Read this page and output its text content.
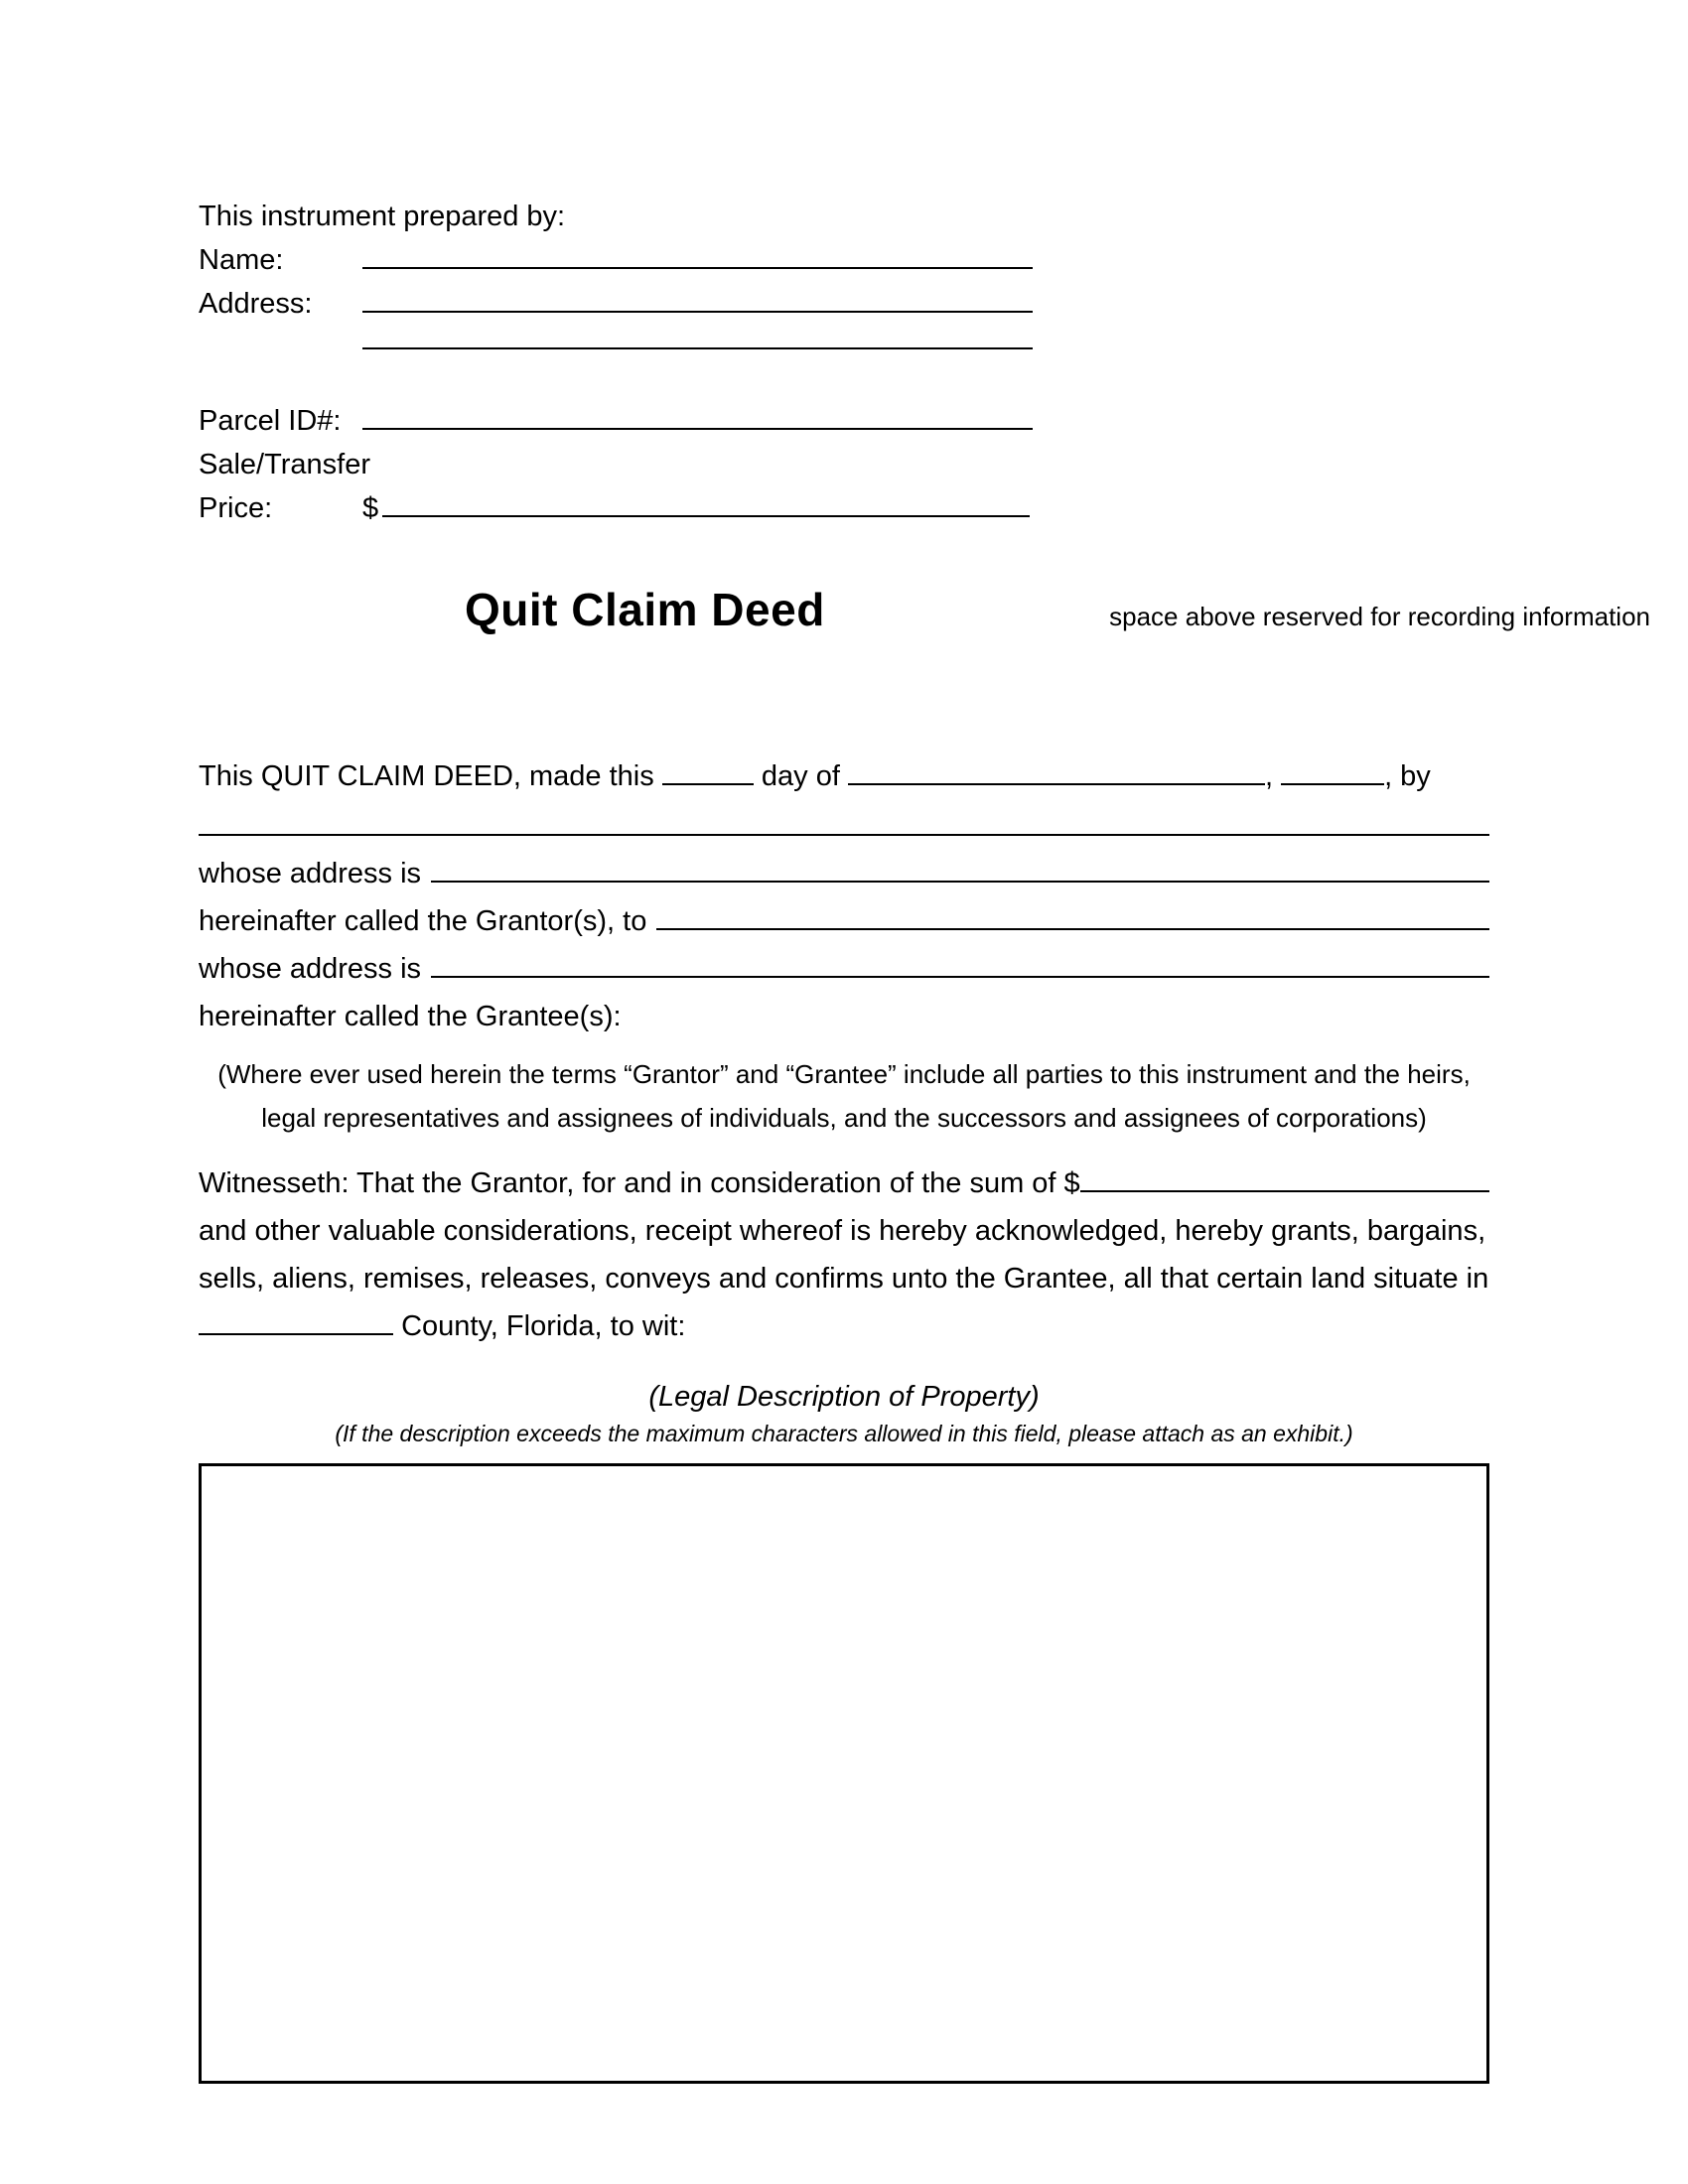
This instrument prepared by:
Name:
Address:
Parcel ID#:
Sale/Transfer
Price:	$
Quit Claim Deed	space above reserved for recording information
This QUIT CLAIM DEED, made this	day of	,	, by
whose address is
hereinafter called the Grantor(s), to
whose address is
hereinafter called the Grantee(s):
(Where ever used herein the terms “Grantor” and “Grantee” include all parties to this instrument and the heirs, legal representatives and assignees of individuals, and the successors and assignees of corporations)
Witnesseth: That the Grantor, for and in consideration of the sum of $
and other valuable considerations, receipt whereof is hereby acknowledged, hereby grants, bargains,
sells, aliens, remises, releases, conveys and confirms unto the Grantee, all that certain land situate in
County, Florida, to wit:
(Legal Description of Property)
(If the description exceeds the maximum characters allowed in this field, please attach as an exhibit.)
